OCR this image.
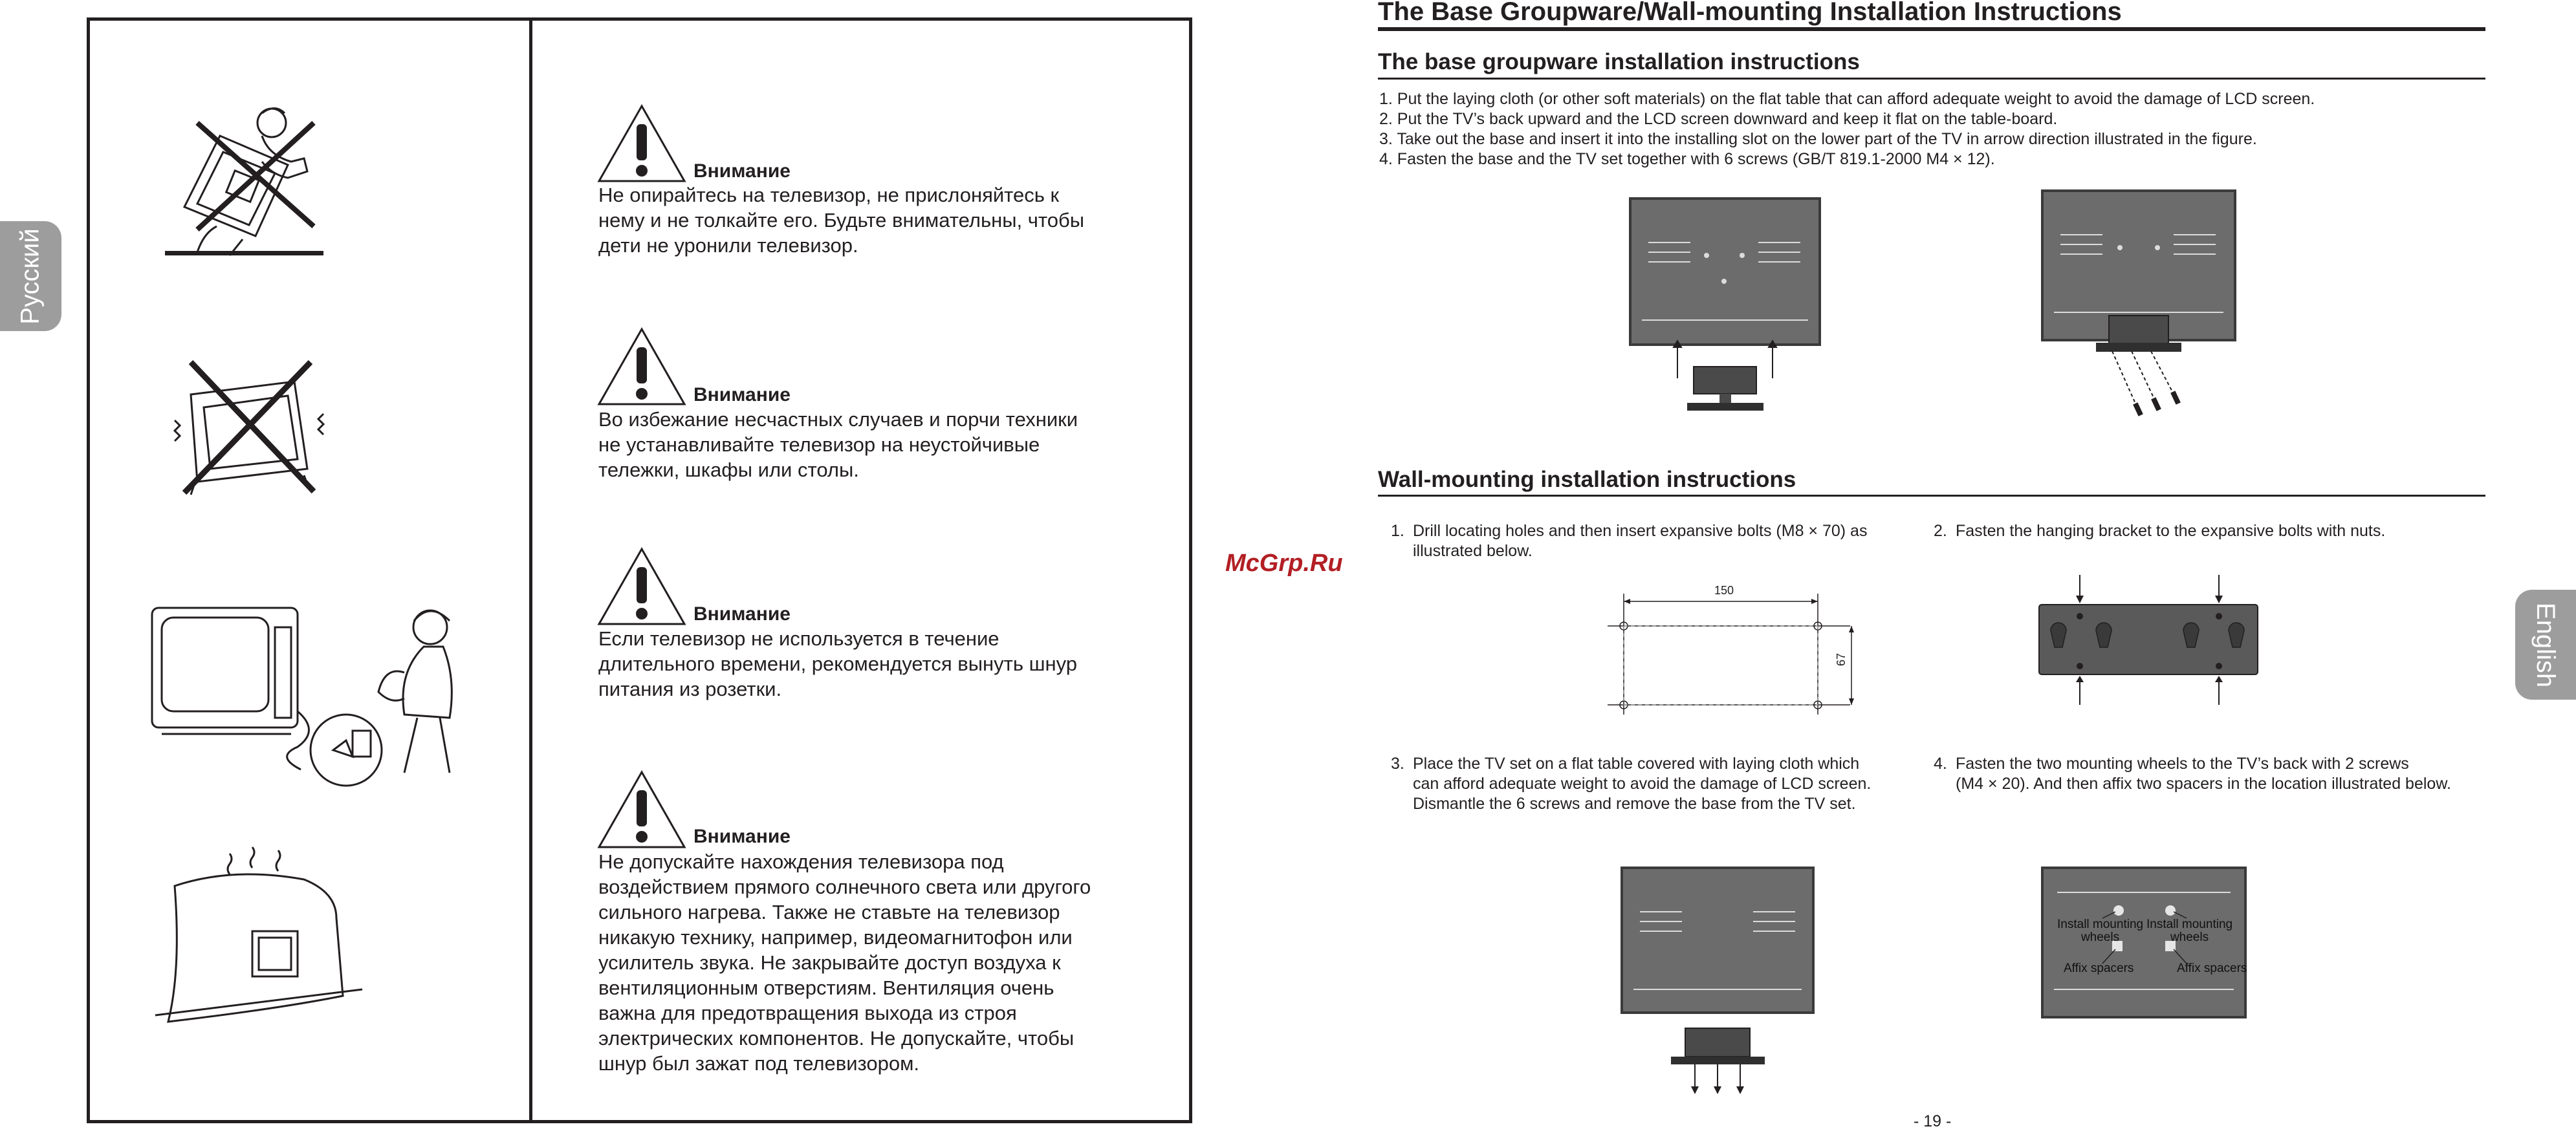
Русский
Внимание
Не опирайтесь на телевизор, не прислоняйтесь к
нему и не толкайте его. Будьте внимательны, чтобы
дети не уронили телевизор.
Внимание
Во избежание несчастных случаев и порчи техники
не устанавливайте телевизор на неустойчивые
тележки, шкафы или столы.
Внимание
Если телевизор не используется в течение
длительного времени, рекомендуется вынуть шнур
питания из розетки.
Внимание
Не допускайте нахождения телевизора под
воздействием прямого солнечного света или другого
сильного нагрева. Также не ставьте на телевизор
никакую технику, например, видеомагнитофон или
усилитель звука. Не закрывайте доступ воздуха к
вентиляционным отверстиям. Вентиляция очень
важна для предотвращения выхода из строя
электрических компонентов. Не допускайте, чтобы
шнур был зажат под телевизором.
The Base Groupware/Wall-mounting Installation Instructions
The base groupware installation instructions
1. Put the laying cloth (or other soft materials) on the flat table that can afford adequate weight to avoid the damage of LCD screen.
2. Put the TV’s back upward and the LCD screen downward and keep it flat on the table-board.
3. Take out the base and insert it into the installing slot on the lower part of the TV in arrow direction illustrated in the figure.
4. Fasten the base and the TV set together with 6 screws (GB/T 819.1-2000 M4 × 12).
Wall-mounting installation instructions
1. Drill locating holes and then insert expansive bolts (M8 × 70) as
illustrated below.
2. Fasten the hanging bracket to the expansive bolts with nuts.
150
67
3. Place the TV set on a flat table covered with laying cloth which
can afford adequate weight to avoid the damage of LCD screen.
Dismantle the 6 screws and remove the base from the TV set.
4. Fasten the two mounting wheels to the TV’s back with 2 screws
(M4 × 20). And then affix two spacers in the location illustrated below.
Install mounting
wheels
Install mounting
wheels
Affix spacers	Affix spacers
McGrp.Ru
- 19 -
English
